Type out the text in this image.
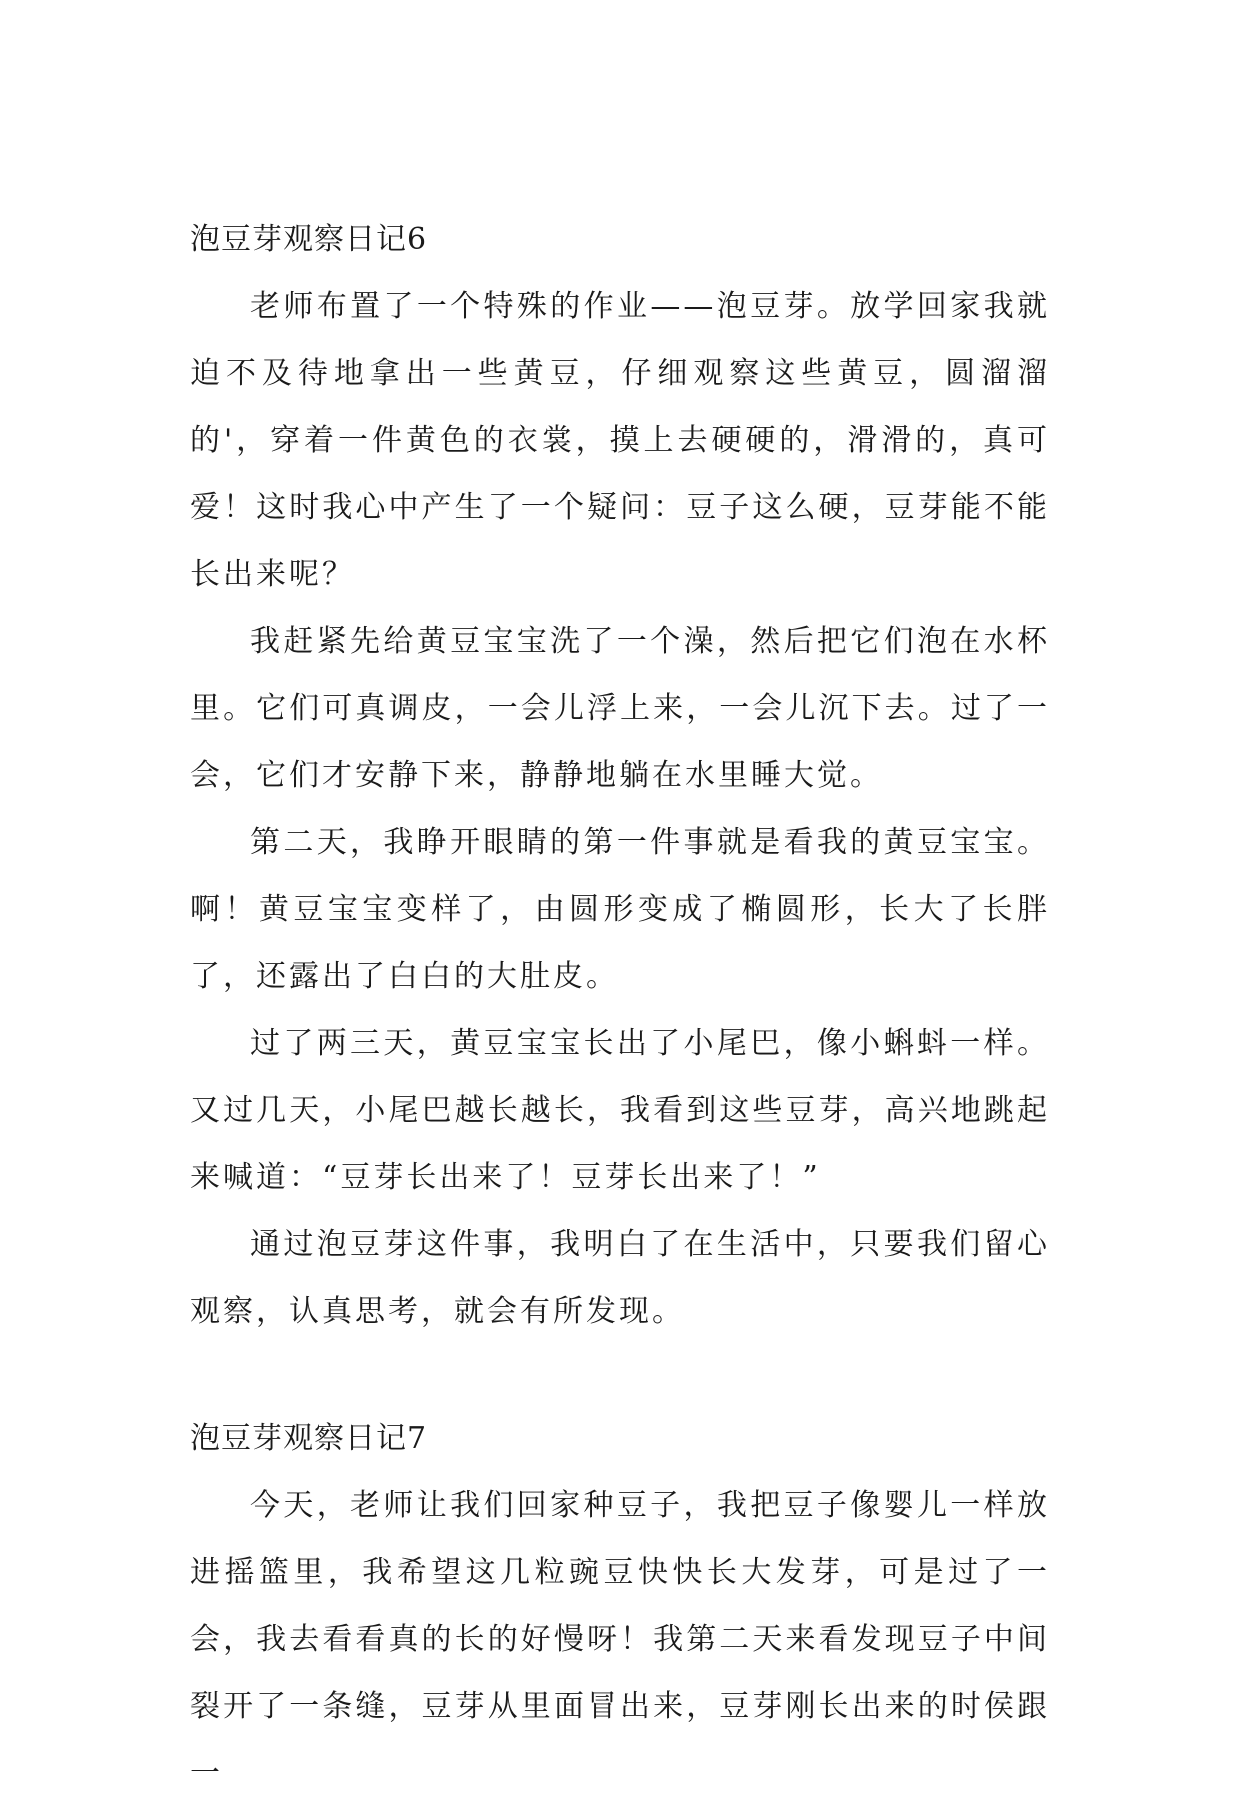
泡豆芽观察日记6

老师布置了一个特殊的作业——泡豆芽。放学回家我就迫不及待地拿出一些黄豆，仔细观察这些黄豆，圆溜溜的'，穿着一件黄色的衣裳，摸上去硬硬的，滑滑的，真可爱！这时我心中产生了一个疑问：豆子这么硬，豆芽能不能长出来呢？

我赶紧先给黄豆宝宝洗了一个澡，然后把它们泡在水杯里。它们可真调皮，一会儿浮上来，一会儿沉下去。过了一会，它们才安静下来，静静地躺在水里睡大觉。

第二天，我睁开眼睛的第一件事就是看我的黄豆宝宝。啊！黄豆宝宝变样了，由圆形变成了椭圆形，长大了长胖了，还露出了白白的大肚皮。

过了两三天，黄豆宝宝长出了小尾巴，像小蝌蚪一样。又过几天，小尾巴越长越长，我看到这些豆芽，高兴地跳起来喊道：“豆芽长出来了！豆芽长出来了！”

通过泡豆芽这件事，我明白了在生活中，只要我们留心观察，认真思考，就会有所发现。

泡豆芽观察日记7

今天，老师让我们回家种豆子，我把豆子像婴儿一样放进摇篮里，我希望这几粒豌豆快快长大发芽，可是过了一会，我去看看真的长的好慢呀！我第二天来看发现豆子中间裂开了一条缝，豆芽从里面冒出来，豆芽刚长出来的时侯跟一
